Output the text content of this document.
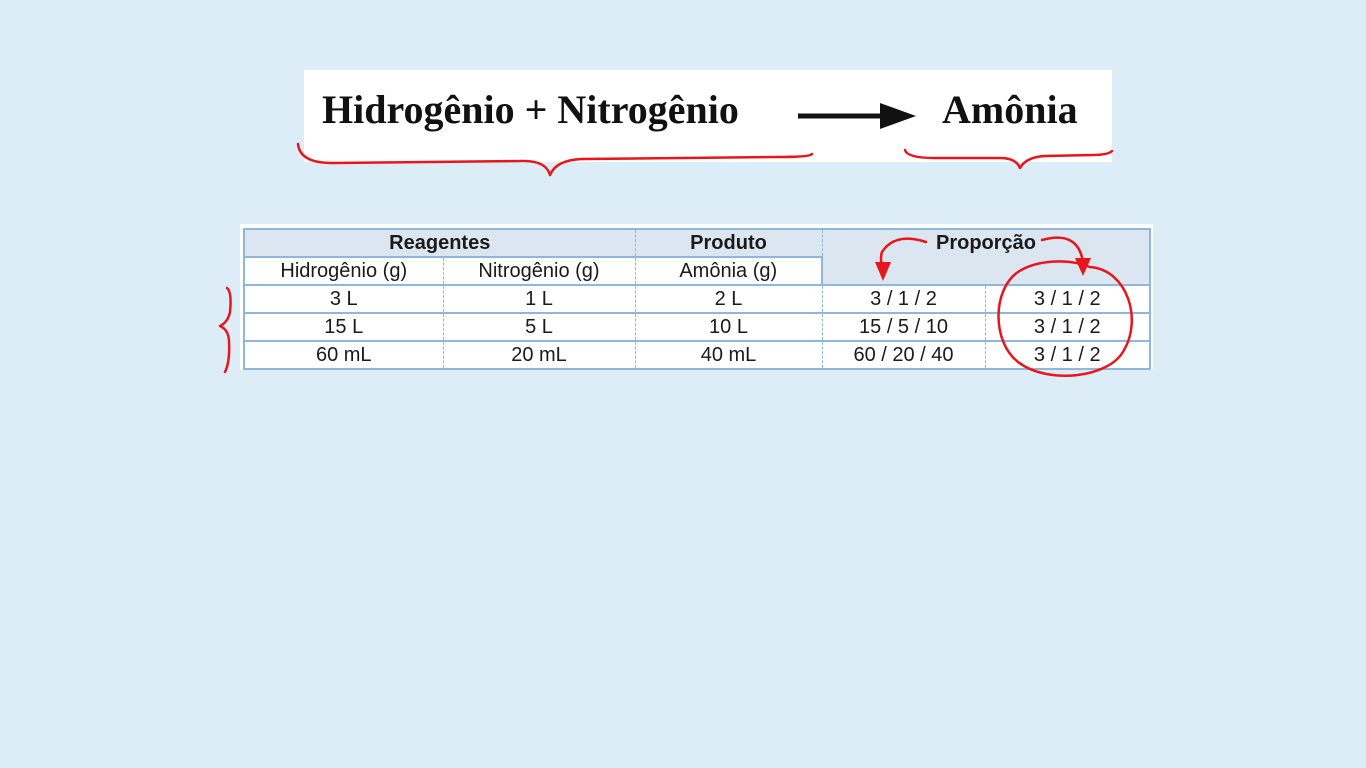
Hidrogênio + Nitrogênio	Amônia
Reagentes		Produto	Proporção	
Hidrogênio (g)	Nitrogênio (g)	Amônia (g)		
3 L	1 L	2 L	3 / 1 / 2	3 / 1 / 2
15 L	5 L	10 L	15 / 5 / 10	3 / 1 / 2
60 mL	20 mL	40 mL	60 / 20 / 40	3 / 1 / 2
